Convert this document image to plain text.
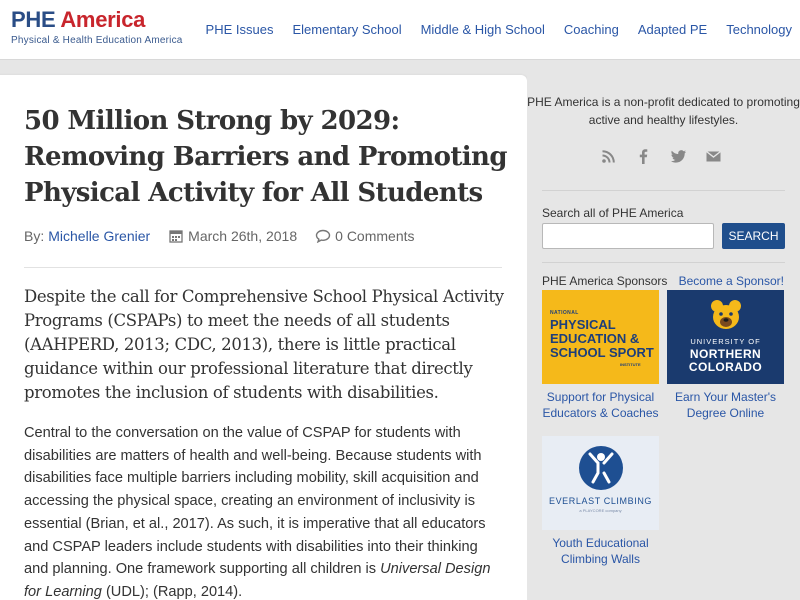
PHE America
Physical & Health Education America
PHE Issues Elementary School Middle & High School Coaching Adapted PE Technology
50 Million Strong by 2029: Removing Barriers and Promoting Physical Activity for All Students
By: Michelle Grenier	March 26th, 2018	0 Comments

Despite the call for Comprehensive School Physical Activity Programs (CSPAPs) to meet the needs of all students (AAHPERD, 2013; CDC, 2013), there is little practical guidance within our professional literature that directly promotes the inclusion of students with disabilities.

Central to the conversation on the value of CSPAP for students with disabilities are matters of health and well-being. Because students with disabilities face multiple barriers including mobility, skill acquisition and accessing the physical space, creating an environment of inclusivity is essential (Brian, et al., 2017). As such, it is imperative that all educators and CSPAP leaders include students with disabilities into their thinking and planning. One framework supporting all children is Universal Design for Learning (UDL); (Rapp, 2014).

PHE America is a non-profit dedicated to promoting active and healthy lifestyles.
Search all of PHE America
SEARCH
PHE America Sponsors Become a Sponsor!
NATIONAL
PHYSICAL
EDUCATION &
SCHOOL SPORT
INSTITUTE
Support for Physical Educators & Coaches
UNIVERSITY OF
NORTHERN
COLORADO
Earn Your Master's Degree Online
EVERLAST CLIMBING
a PLAYCORE company
Youth Educational Climbing Walls
